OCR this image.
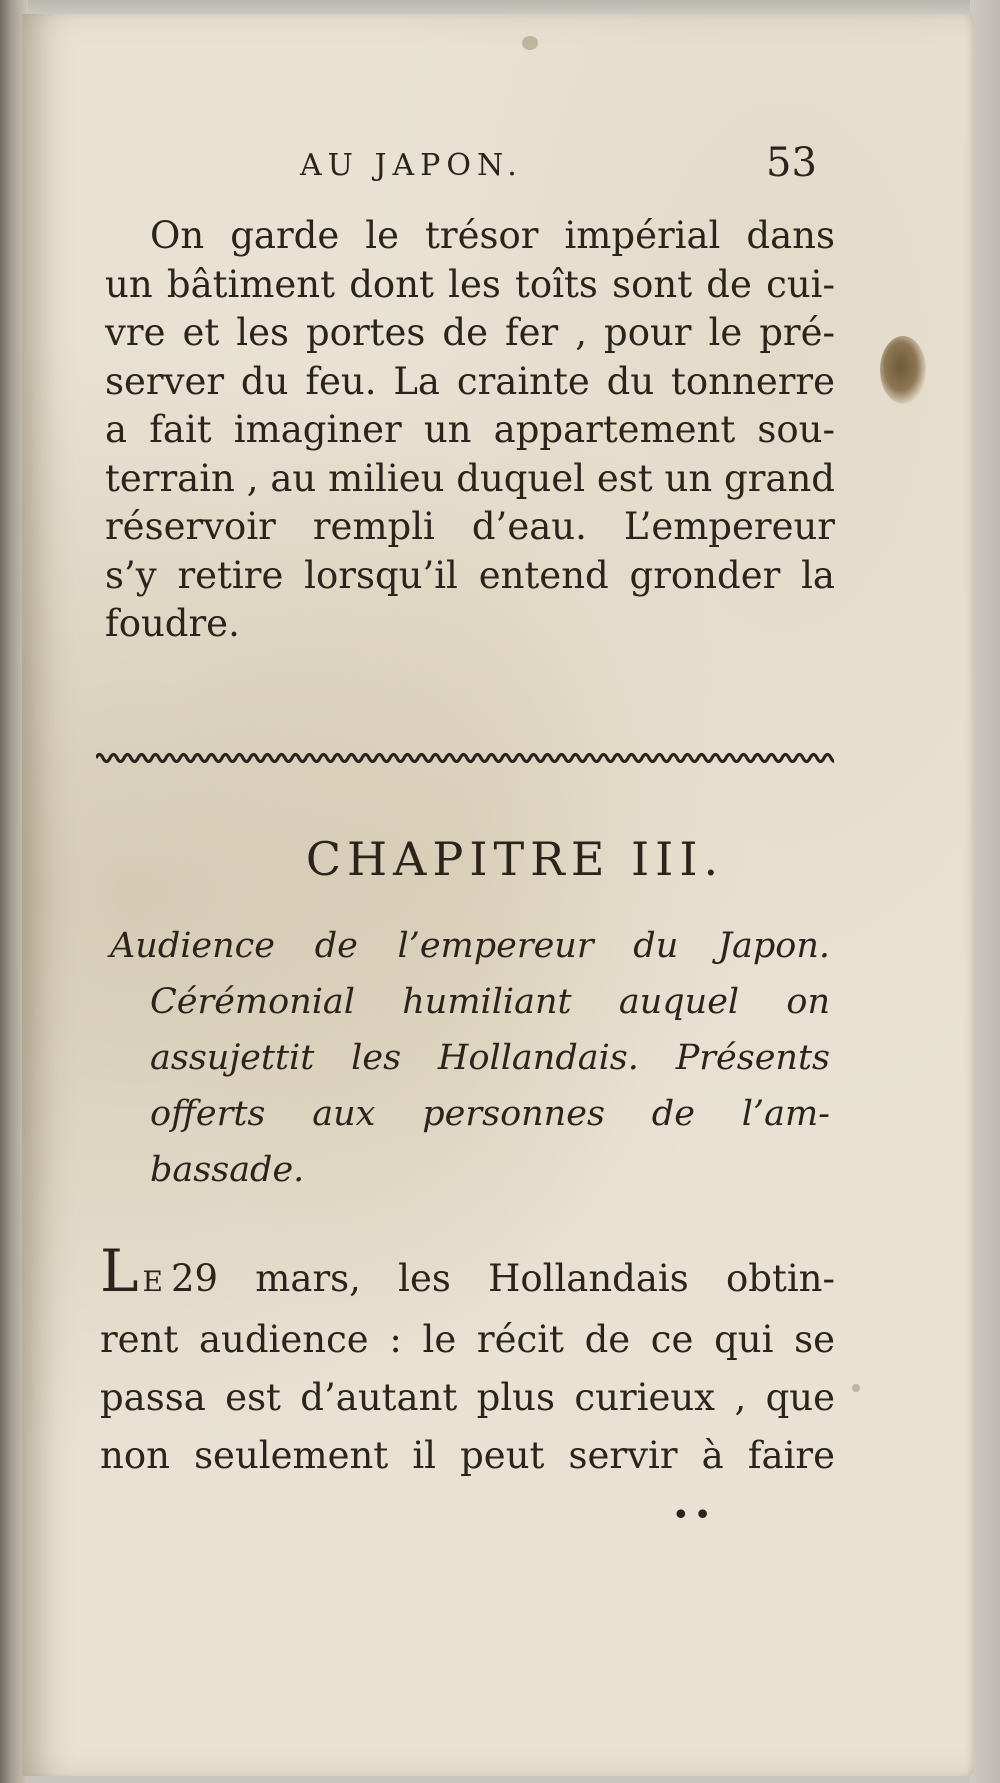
AU JAPON.	53
On garde le trésor impérial dans
un bâtiment dont les toîts sont de cui-
vre et les portes de fer , pour le pré-
server du feu. La crainte du tonnerre
a fait imaginer un appartement sou-
terrain , au milieu duquel est un grand
réservoir rempli d’eau. L’empereur
s’y retire lorsqu’il entend gronder la
foudre.
CHAPITRE III.
Audience de l’empereur du Japon.
Cérémonial humiliant auquel on
assujettit les Hollandais. Présents
offerts aux personnes de l’am-
bassade.
L E 29 mars, les Hollandais obtin-
rent audience : le récit de ce qui se
passa est d’autant plus curieux , que
non seulement il peut servir à faire
••
